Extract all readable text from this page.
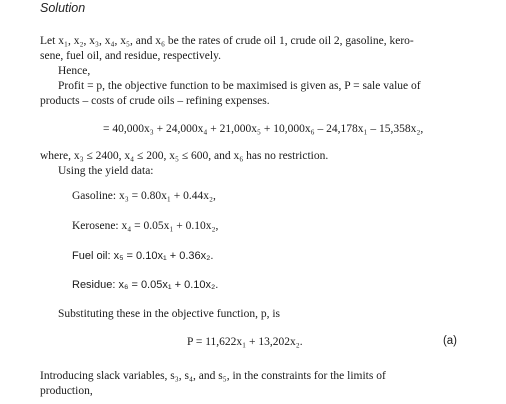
Solution
Let x₁, x₂, x₃, x₄, x₅, and x₆ be the rates of crude oil 1, crude oil 2, gasoline, kero-
sene, fuel oil, and residue, respectively.
Hence,
Profit = p, the objective function to be maximised is given as, P = sale value of
products – costs of crude oils – refining expenses.
= 40,000x₃ + 24,000x₄ + 21,000x₅ + 10,000x₆ – 24,178x₁ – 15,358x₂,
where, x₃ ≤ 2400, x₄ ≤ 200, x₅ ≤ 600, and x₆ has no restriction.
Using the yield data:
Gasoline: x₃ = 0.80x₁ + 0.44x₂,
Kerosene: x₄ = 0.05x₁ + 0.10x₂,
Fuel oil: x₅ = 0.10x₁ + 0.36x₂.
Residue: x₆ = 0.05x₁ + 0.10x₂.
Substituting these in the objective function, p, is
P = 11,622x₁ + 13,202x₂.	(a)
Introducing slack variables, s₃, s₄, and s₅, in the constraints for the limits of
production,
